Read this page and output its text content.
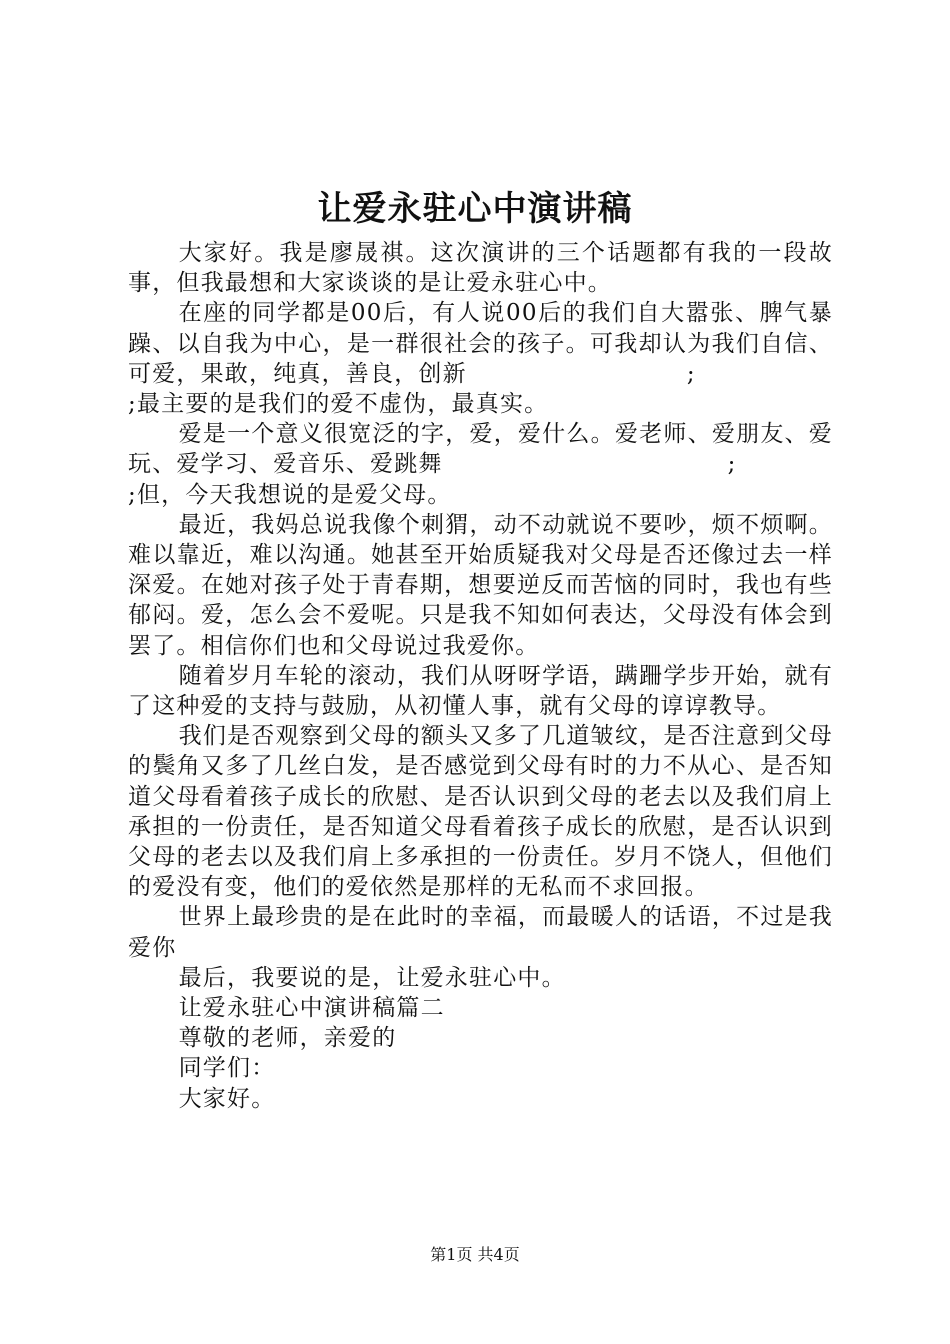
让爱永驻心中演讲稿

大家好。我是廖晟祺。这次演讲的三个话题都有我的一段故事，但我最想和大家谈谈的是让爱永驻心中。

在座的同学都是00后，有人说00后的我们自大嚣张、脾气暴躁、以自我为中心，是一群很社会的孩子。可我却认为我们自信、可爱，果敢，纯真，善良，创新	;

;最主要的是我们的爱不虚伪，最真实。

爱是一个意义很宽泛的字，爱，爱什么。爱老师、爱朋友、爱玩、爱学习、爱音乐、爱跳舞	;

;但，今天我想说的是爱父母。

最近，我妈总说我像个刺猬，动不动就说不要吵，烦不烦啊。难以靠近，难以沟通。她甚至开始质疑我对父母是否还像过去一样深爱。在她对孩子处于青春期，想要逆反而苦恼的同时，我也有些郁闷。爱，怎么会不爱呢。只是我不知如何表达，父母没有体会到罢了。相信你们也和父母说过我爱你。

随着岁月车轮的滚动，我们从呀呀学语，蹒跚学步开始，就有了这种爱的支持与鼓励，从初懂人事，就有父母的谆谆教导。

我们是否观察到父母的额头又多了几道皱纹，是否注意到父母的鬓角又多了几丝白发，是否感觉到父母有时的力不从心、是否知道父母看着孩子成长的欣慰、是否认识到父母的老去以及我们肩上承担的一份责任，是否知道父母看着孩子成长的欣慰，是否认识到父母的老去以及我们肩上多承担的一份责任。岁月不饶人，但他们的爱没有变，他们的爱依然是那样的无私而不求回报。

世界上最珍贵的是在此时的幸福，而最暖人的话语，不过是我爱你

最后，我要说的是，让爱永驻心中。

让爱永驻心中演讲稿篇二

尊敬的老师，亲爱的

同学们：

大家好。

第1页 共4页
